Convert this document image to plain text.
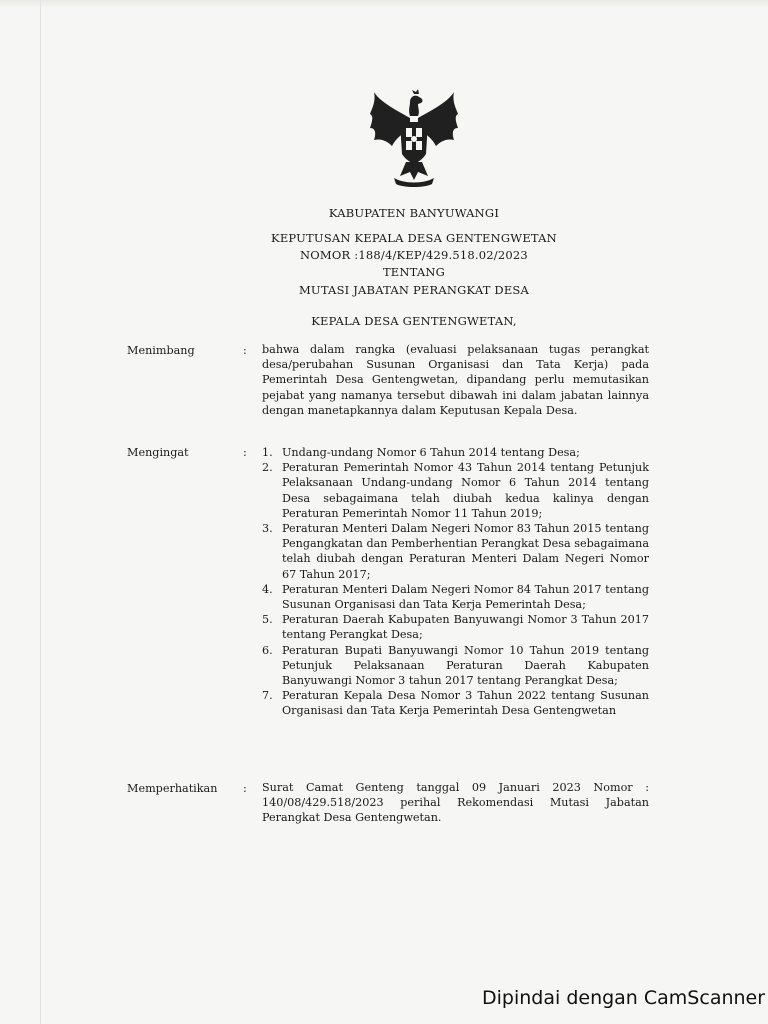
KABUPATEN BANYUWANGI
KEPUTUSAN KEPALA DESA GENTENGWETAN
NOMOR :188/4/KEP/429.518.02/2023
TENTANG
MUTASI JABATAN PERANGKAT DESA
KEPALA DESA GENTENGWETAN,
Menimbang	: bahwa dalam rangka (evaluasi pelaksanaan tugas perangkat desa/perubahan Susunan Organisasi dan Tata Kerja) pada Pemerintah Desa Gentengwetan, dipandang perlu memutasikan pejabat yang namanya tersebut dibawah ini dalam jabatan lainnya dengan manetapkannya dalam Keputusan Kepala Desa.
Mengingat	: 1. Undang-undang Nomor 6 Tahun 2014 tentang Desa;
2. Peraturan Pemerintah Nomor 43 Tahun 2014 tentang Petunjuk Pelaksanaan Undang-undang Nomor 6 Tahun 2014 tentang Desa sebagaimana telah diubah kedua kalinya dengan Peraturan Pemerintah Nomor 11 Tahun 2019;
3. Peraturan Menteri Dalam Negeri Nomor 83 Tahun 2015 tentang Pengangkatan dan Pemberhentian Perangkat Desa sebagaimana telah diubah dengan Peraturan Menteri Dalam Negeri Nomor 67 Tahun 2017;
4. Peraturan Menteri Dalam Negeri Nomor 84 Tahun 2017 tentang Susunan Organisasi dan Tata Kerja Pemerintah Desa;
5. Peraturan Daerah Kabupaten Banyuwangi Nomor 3 Tahun 2017 tentang Perangkat Desa;
6. Peraturan Bupati Banyuwangi Nomor 10 Tahun 2019 tentang Petunjuk Pelaksanaan Peraturan Daerah Kabupaten Banyuwangi Nomor 3 tahun 2017 tentang Perangkat Desa;
7. Peraturan Kepala Desa Nomor 3 Tahun 2022 tentang Susunan Organisasi dan Tata Kerja Pemerintah Desa Gentengwetan
Memperhatikan : Surat Camat Genteng tanggal 09 Januari 2023 Nomor : 140/08/429.518/2023 perihal Rekomendasi Mutasi Jabatan Perangkat Desa Gentengwetan.
Dipindai dengan CamScanner
